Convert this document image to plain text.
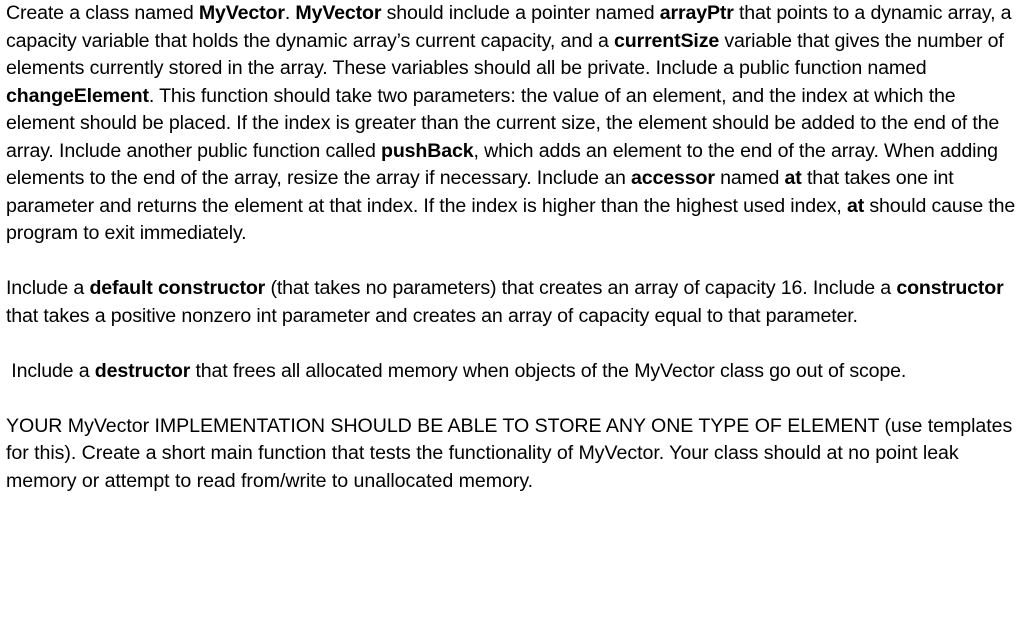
Create a class named MyVector. MyVector should include a pointer named arrayPtr that points to a dynamic array, a capacity variable that holds the dynamic array’s current capacity, and a currentSize variable that gives the number of elements currently stored in the array. These variables should all be private. Include a public function named changeElement. This function should take two parameters: the value of an element, and the index at which the element should be placed. If the index is greater than the current size, the element should be added to the end of the array. Include another public function called pushBack, which adds an element to the end of the array. When adding elements to the end of the array, resize the array if necessary. Include an accessor named at that takes one int parameter and returns the element at that index. If the index is higher than the highest used index, at should cause the program to exit immediately.

Include a default constructor (that takes no parameters) that creates an array of capacity 16. Include a constructor that takes a positive nonzero int parameter and creates an array of capacity equal to that parameter.

Include a destructor that frees all allocated memory when objects of the MyVector class go out of scope.

YOUR MyVector IMPLEMENTATION SHOULD BE ABLE TO STORE ANY ONE TYPE OF ELEMENT (use templates for this). Create a short main function that tests the functionality of MyVector. Your class should at no point leak memory or attempt to read from/write to unallocated memory.
